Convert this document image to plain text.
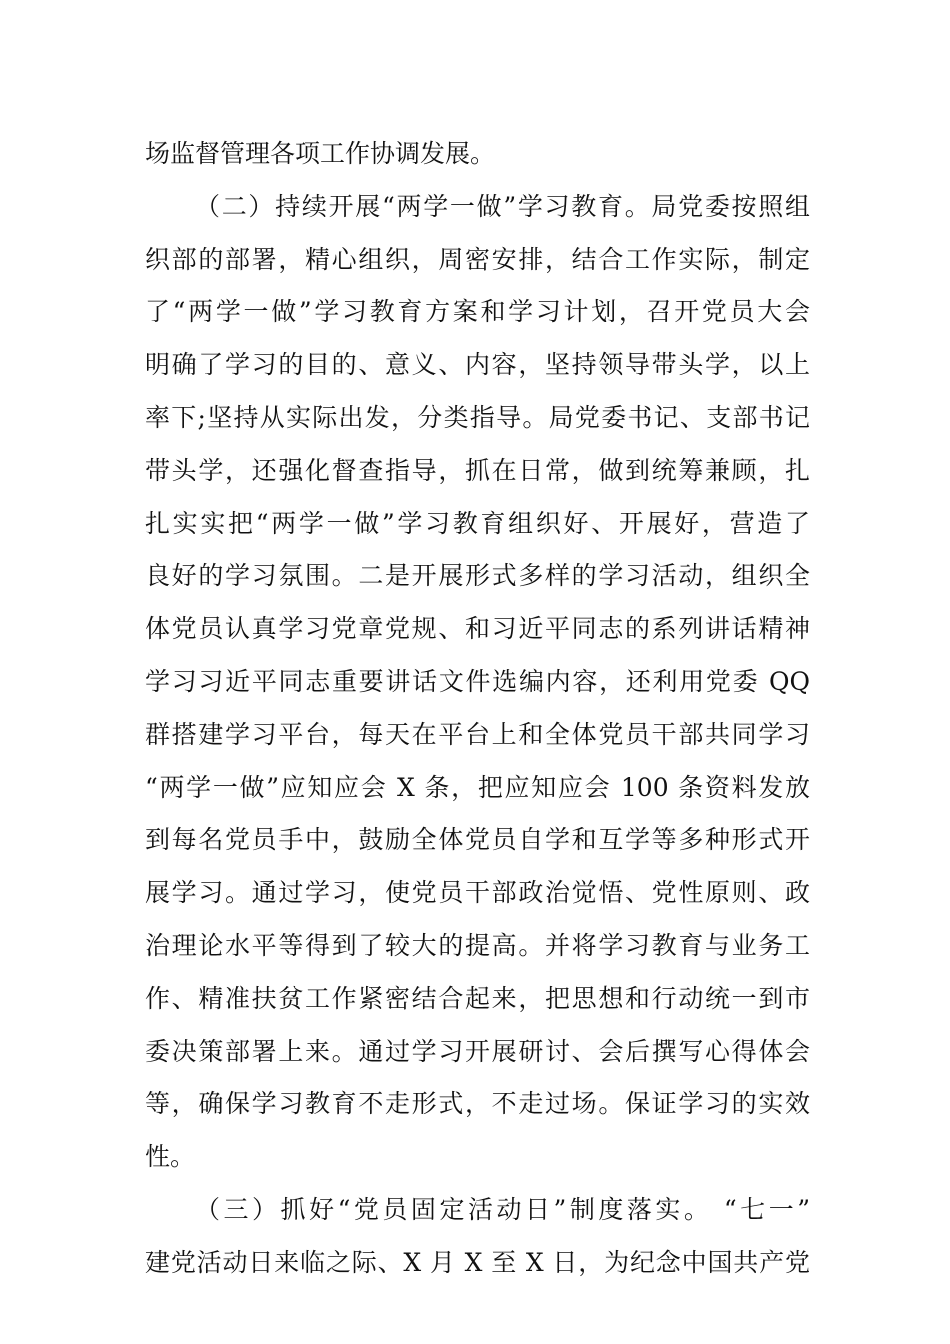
场监督管理各项工作协调发展。
（二）持续开展“两学一做”学习教育。局党委按照组
织部的部署，精心组织，周密安排，结合工作实际，制定
了“两学一做”学习教育方案和学习计划，召开党员大会
明确了学习的目的、意义、内容，坚持领导带头学，以上
率下;坚持从实际出发，分类指导。局党委书记、支部书记
带头学，还强化督查指导，抓在日常，做到统筹兼顾，扎
扎实实把“两学一做”学习教育组织好、开展好，营造了
良好的学习氛围。二是开展形式多样的学习活动，组织全
体党员认真学习党章党规、和习近平同志的系列讲话精神
学习习近平同志重要讲话文件选编内容，还利用党委 QQ
群搭建学习平台，每天在平台上和全体党员干部共同学习
“两学一做”应知应会 X 条，把应知应会 100 条资料发放
到每名党员手中，鼓励全体党员自学和互学等多种形式开
展学习。通过学习，使党员干部政治觉悟、党性原则、政
治理论水平等得到了较大的提高。并将学习教育与业务工
作、精准扶贫工作紧密结合起来，把思想和行动统一到市
委决策部署上来。通过学习开展研讨、会后撰写心得体会
等，确保学习教育不走形式，不走过场。保证学习的实效
性。
（三）抓好“党员固定活动日”制度落实。 “七一”
建党活动日来临之际、X 月 X 至 X 日，为纪念中国共产党
